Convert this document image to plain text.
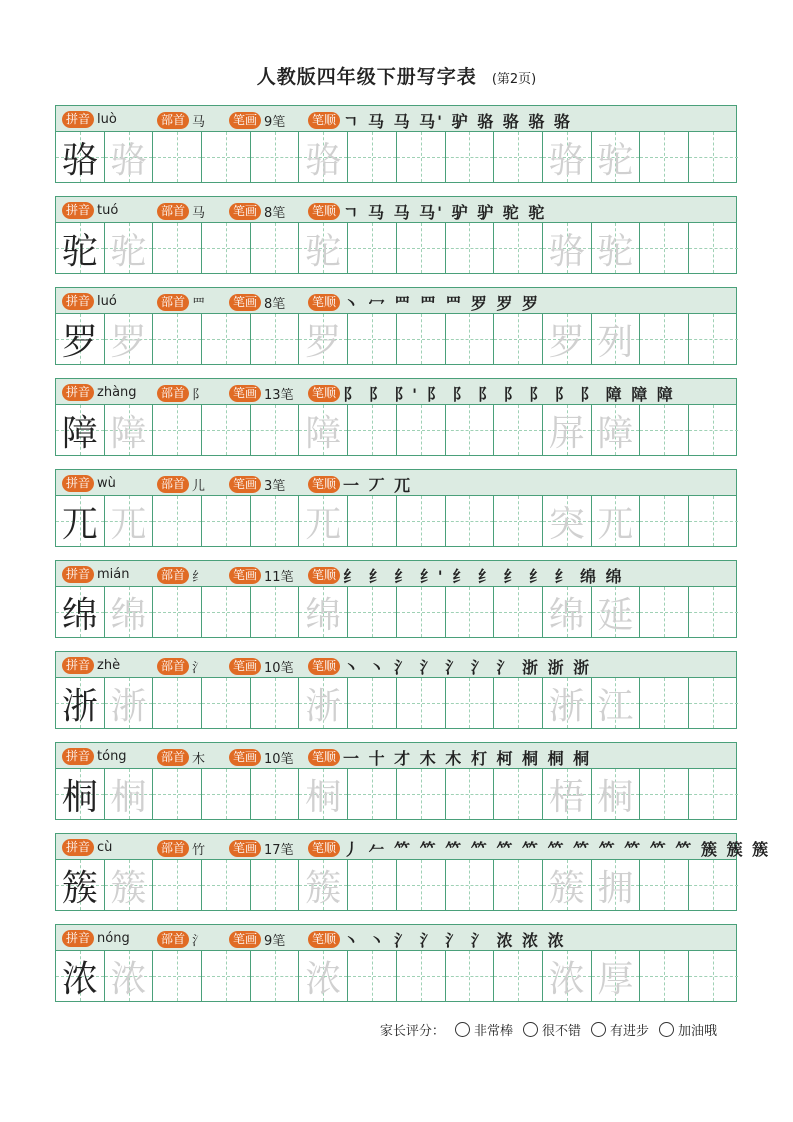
人教版四年级下册写字表 (第2页)
拼音 luò	部首 马	笔画 9笔	笔顺 ㄱ 马 马 马' 驴 骆 骆 骆 骆
骆 骆	骆	骆 驼
拼音 tuó	部首 马	笔画 8笔	笔顺 ㄱ 马 马 马' 驴 驴 驼 驼
驼 驼	驼	骆 驼
拼音 luó	部首 罒	笔画 8笔	笔顺 丶 冖 罒 罒 罒 罗 罗 罗
罗 罗	罗	罗 列
拼音 zhàng	部首 阝	笔画 13笔	笔顺 阝 阝 阝' 阝 阝 阝 阝 阝 阝 阝 障 障 障
障 障	障	屏 障
拼音 wù	部首 儿	笔画 3笔	笔顺 一 丆 兀
兀 兀	兀	突 兀
拼音 mián	部首 纟	笔画 11笔	笔顺 纟 纟 纟 纟' 纟 纟 纟 纟 纟 绵 绵
绵 绵	绵	绵 延
拼音 zhè	部首 氵	笔画 10笔	笔顺 丶 丶 氵 氵 氵 氵 氵 浙 浙 浙
浙 浙	浙	浙 江
拼音 tóng	部首 木	笔画 10笔	笔顺 一 十 才 木 木 朾 柯 桐 桐 桐
桐 桐	桐	梧 桐
拼音 cù	部首 竹	笔画 17笔	笔顺 丿 𠂉 𥫗 𥫗 𥫗 𥫗 𥫗 𥫗 𥫗 𥫗 𥫗 𥫗 𥫗 𥫗 簇 簇 簇
簇 簇	簇	簇 拥
拼音 nóng	部首 氵	笔画 9笔	笔顺 丶 丶 氵 氵 氵 氵 浓 浓 浓
浓 浓	浓	浓 厚
家长评分： 非常棒 很不错 有进步 加油哦
